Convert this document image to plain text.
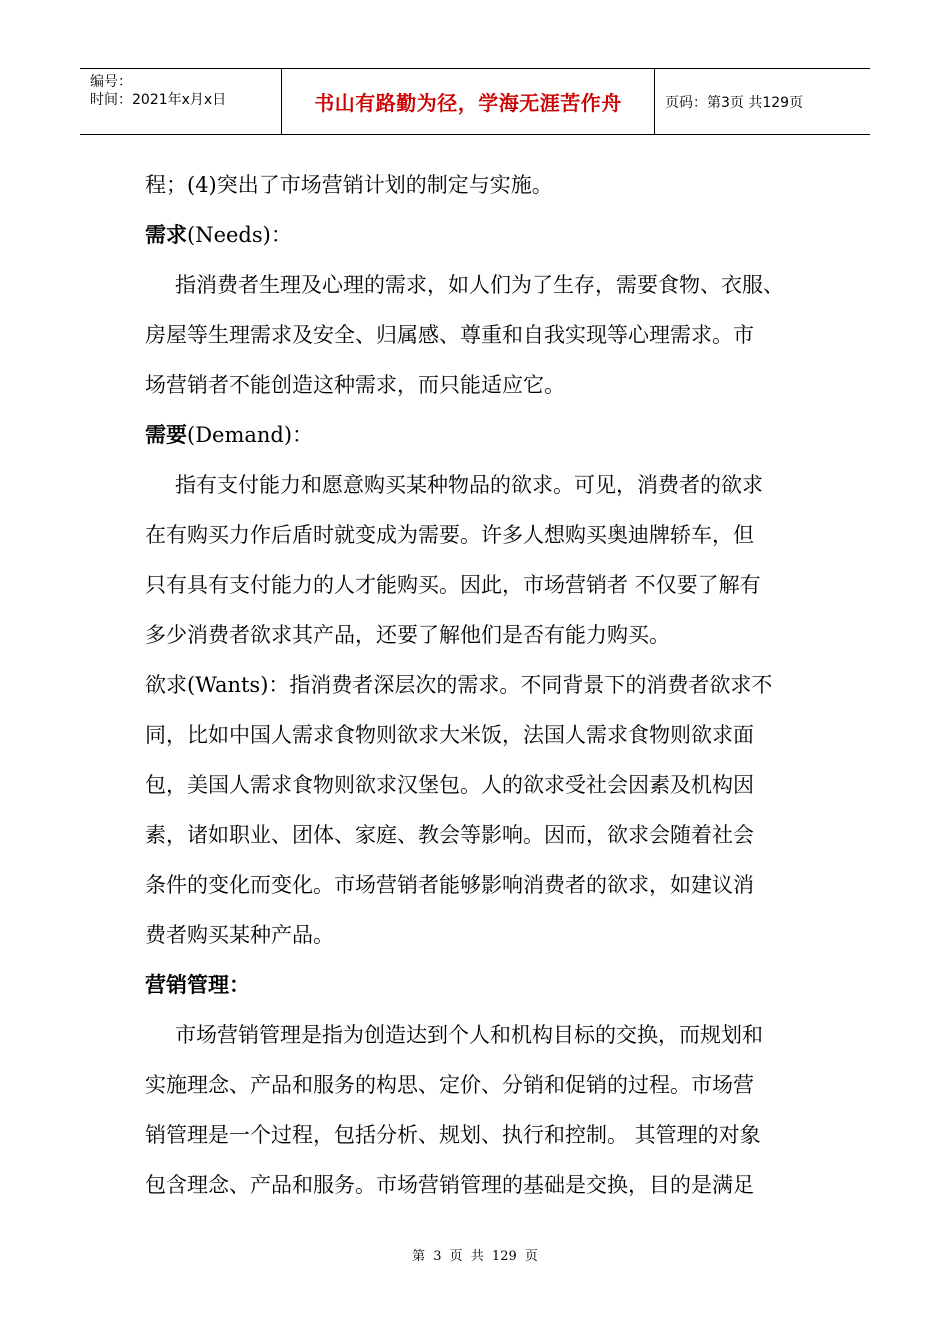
编号：
时间：2021年x月x日	书山有路勤为径，学海无涯苦作舟	页码：第3页 共129页
程；(4)突出了市场营销计划的制定与实施。
需求(Needs)：
指消费者生理及心理的需求，如人们为了生存，需要食物、衣服、
房屋等生理需求及安全、归属感、尊重和自我实现等心理需求。市
场营销者不能创造这种需求，而只能适应它。
需要(Demand)：
指有支付能力和愿意购买某种物品的欲求。可见，消费者的欲求
在有购买力作后盾时就变成为需要。许多人想购买奥迪牌轿车，但
只有具有支付能力的人才能购买。因此，市场营销者 不仅要了解有
多少消费者欲求其产品，还要了解他们是否有能力购买。
欲求(Wants)：指消费者深层次的需求。不同背景下的消费者欲求不
同，比如中国人需求食物则欲求大米饭，法国人需求食物则欲求面
包，美国人需求食物则欲求汉堡包。人的欲求受社会因素及机构因
素，诸如职业、团体、家庭、教会等影响。因而，欲求会随着社会
条件的变化而变化。市场营销者能够影响消费者的欲求，如建议消
费者购买某种产品。
营销管理：
市场营销管理是指为创造达到个人和机构目标的交换，而规划和
实施理念、产品和服务的构思、定价、分销和促销的过程。市场营
销管理是一个过程，包括分析、规划、执行和控制。 其管理的对象
包含理念、产品和服务。市场营销管理的基础是交换，目的是满足
第 3 页 共 129 页
